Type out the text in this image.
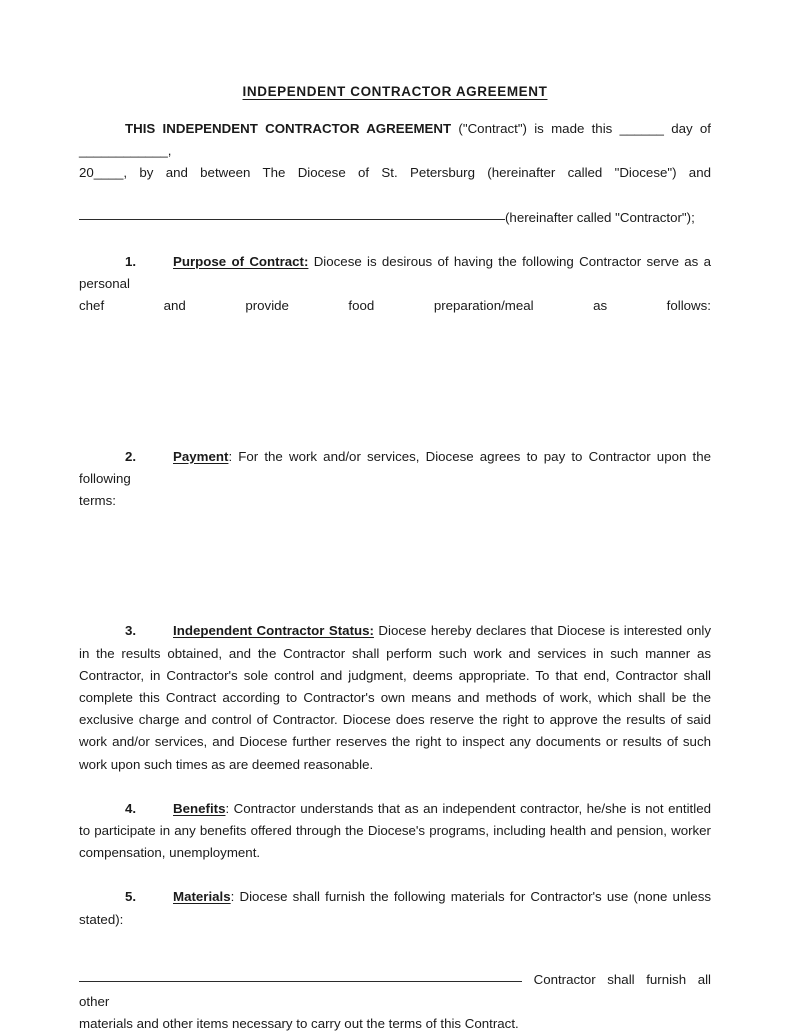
INDEPENDENT CONTRACTOR AGREEMENT

THIS INDEPENDENT CONTRACTOR AGREEMENT ("Contract") is made this ______ day of ____________,

20____, by and between The Diocese of St. Petersburg (hereinafter called "Diocese") and

(hereinafter called "Contractor");

1.	Purpose of Contract: Diocese is desirous of having the following Contractor serve as a personal

chef and provide food preparation/meal as follows:

2.	Payment: For the work and/or services, Diocese agrees to pay to Contractor upon the following

terms:

3.	Independent Contractor Status: Diocese hereby declares that Diocese is interested only in the results obtained, and the Contractor shall perform such work and services in such manner as Contractor, in Contractor's sole control and judgment, deems appropriate. To that end, Contractor shall complete this Contract according to Contractor's own means and methods of work, which shall be the exclusive charge and control of Contractor. Diocese does reserve the right to approve the results of said work and/or services, and Diocese further reserves the right to inspect any documents or results of such work upon such times as are deemed reasonable.

4.	Benefits: Contractor understands that as an independent contractor, he/she is not entitled to participate in any benefits offered through the Diocese's programs, including health and pension, worker compensation, unemployment.

5.	Materials: Diocese shall furnish the following materials for Contractor's use (none unless stated):

Contractor shall furnish all other

materials and other items necessary to carry out the terms of this Contract.
